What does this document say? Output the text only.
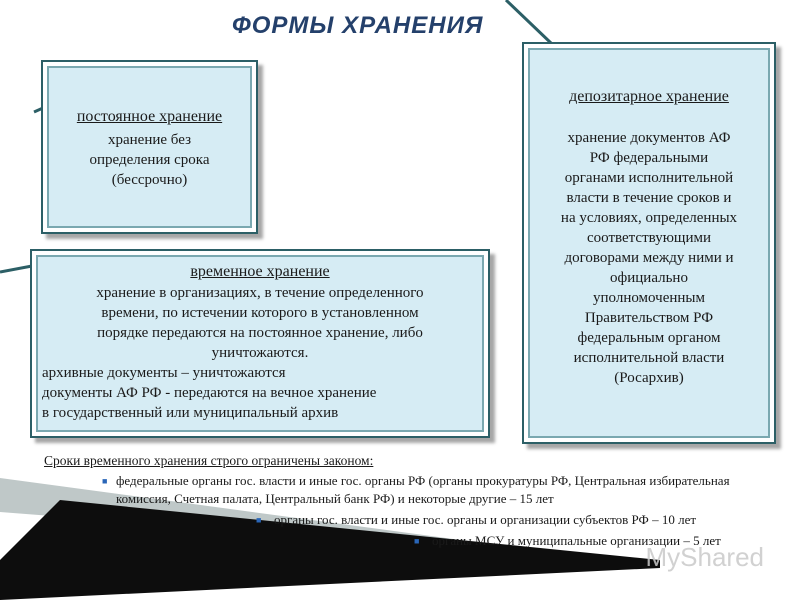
ФОРМЫ ХРАНЕНИЯ
постоянное хранение
хранение без
определения срока
(бессрочно)
временное хранение
хранение в организациях, в течение определенного
времени, по истечении которого в установленном
порядке передаются на постоянное хранение, либо
уничтожаются.
архивные документы – уничтожаются
документы АФ РФ - передаются на вечное хранение
в государственный или муниципальный архив
депозитарное хранение
хранение документов АФ
РФ федеральными
органами исполнительной
власти в течение сроков и
на условиях, определенных
соответствующими
договорами между ними и
официально
уполномоченным
Правительством РФ
федеральным органом
исполнительной власти
(Росархив)
Сроки временного хранения строго ограничены законом:
■ федеральные органы гос. власти и иные гос. органы РФ (органы прокуратуры РФ, Центральная избирательная комиссия, Счетная палата, Центральный банк РФ) и некоторые другие – 15 лет
■ органы гос. власти и иные гос. органы и организации субъектов РФ – 10 лет
■ органы МСУ и муниципальные организации – 5 лет
MyShared
